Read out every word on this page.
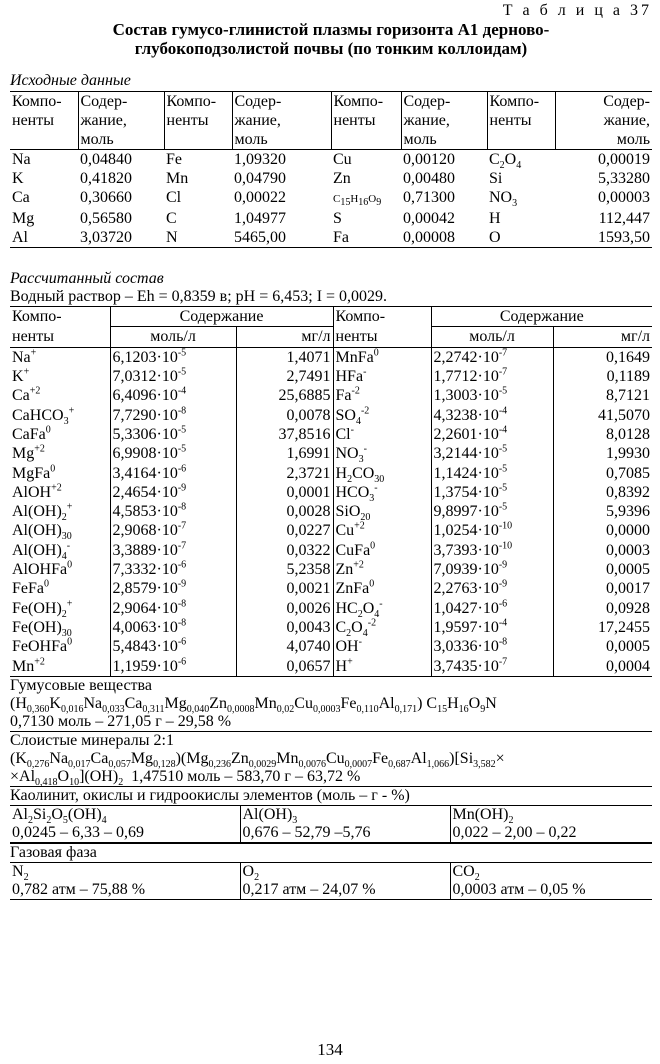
Т а б л и ц а 37
Состав гумусо-глинистой плазмы горизонта А1 дерново-
глубокоподзолистой почвы (по тонким коллоидам)
Исходные данные
Компо-	Содер-	Компо-	Содер-	Компо-	Содер-	Компо-	Содер-
ненты	жание,	ненты	жание,	ненты	жание,	ненты	жание,
	моль		моль		моль		моль
Na	0,04840	Fe	1,09320	Cu	0,00120	$C_2O_4$	0,00019
K	0,41820	Mn	0,04790	Zn	0,00480	Si	5,33280
Ca	0,30660	Cl	0,00022	$C_{15}H_{16}O_9$	0,71300	$NO_3$	0,00003
Mg	0,56580	C	1,04977	S	0,00042	H	112,447
Al	3,03720	N	5465,00	Fa	0,00008	O	1593,50
Рассчитанный состав
Водный раствор – Eh = 0,8359 в; pH = 6,453; I = 0,0029.
Компо-	Содержание		Компо-	Содержание	
ненты	моль/л	мг/л	ненты	моль/л	мг/л
Na+	$6,1203\cdot 10^{-5}$	1,4071	MnFa$^0$	$2,2742\cdot 10^{-7}$	0,1649
K+	$7,0312\cdot 10^{-5}$	2,7491	HFa-	$1,7712\cdot 10^{-7}$	0,1189
$Ca^{+2}$	$6,4096\cdot 10^{-4}$	25,6885	$Fa^{-2}$	$1,3003\cdot 10^{-5}$	8,7121
CaHCO$_3$+	$7,7290\cdot 10^{-8}$	0,0078	$SO_4^{-2}$	$4,3238\cdot 10^{-4}$	41,5070
CaFa$^0$	$5,3306\cdot 10^{-5}$	37,8516	Cl-	$2,2601\cdot 10^{-4}$	8,0128
$Mg^{+2}$	$6,9908\cdot 10^{-5}$	1,6991	$NO_3^-$	$3,2144\cdot 10^{-5}$	1,9930
MgFa$^0$	$3,4164\cdot 10^{-6}$	2,3721	$H_2CO_{30}$	$1,1424\cdot 10^{-5}$	0,7085
AlOH$^{+2}$	$2,4654\cdot 10^{-9}$	0,0001	$HCO_3^-$	$1,3754\cdot 10^{-5}$	0,8392
$Al(OH)_2^+$	$4,5853\cdot 10^{-8}$	0,0028	SiO$_{20}$	$9,8997\cdot 10^{-5}$	5,9396
$Al(OH)_{30}$	$2,9068\cdot 10^{-7}$	0,0227	$Cu^{+2}$	$1,0254\cdot 10^{-10}$	0,0000
$Al(OH)_4^-$	$3,3889\cdot 10^{-7}$	0,0322	CuFa$^0$	$3,7393\cdot 10^{-10}$	0,0003
AlOHFa$^0$	$7,3332\cdot 10^{-6}$	5,2358	$Zn^{+2}$	$7,0939\cdot 10^{-9}$	0,0005
FeFa$^0$	$2,8579\cdot 10^{-9}$	0,0021	ZnFa$^0$	$2,2763\cdot 10^{-9}$	0,0017
$Fe(OH)_2^+$	$2,9064\cdot 10^{-8}$	0,0026	$HC_2O_4^-$	$1,0427\cdot 10^{-6}$	0,0928
$Fe(OH)_{30}$	$4,0063\cdot 10^{-8}$	0,0043	$C_2O_4^{-2}$	$1,9597\cdot 10^{-4}$	17,2455
FeOHFa$^0$	$5,4843\cdot 10^{-6}$	4,0740	OH-	$3,0336\cdot 10^{-8}$	0,0005
$Mn^{+2}$	$1,1959\cdot 10^{-6}$	0,0657	H+	$3,7435\cdot 10^{-7}$	0,0004
Гумусовые вещества
$(H_{0,360}K_{0,016}Na_{0,033}Ca_{0,311}Mg_{0,040}Zn_{0,0008}Mn_{0,02}Cu_{0,0003}Fe_{0,110}Al_{0,171})$ $C_{15}H_{16}O_9N$
0,7130 моль – 271,05 г – 29,58 %
Слоистые минералы 2:1
$(K_{0,276}Na_{0,017}Ca_{0,057}Mg_{0,128})(Mg_{0,236}Zn_{0,0029}Mn_{0,0076}Cu_{0,0007}Fe_{0,687}Al_{1,066})[Si_{3,582}\times$
$\times Al_{0,418}O_{10}](OH)_2$ 1,47510 моль – 583,70 г – 63,72 %
Каолинит, окислы и гидроокислы элементов (моль – г - %)
$Al_2Si_2O_5(OH)_4$	$Al(OH)_3$	$Mn(OH)_2$
0,0245 – 6,33 – 0,69	0,676 – 52,79 –5,76	0,022 – 2,00 – 0,22
Газовая фаза
$N_2$	$O_2$	$CO_2$
0,782 атм – 75,88 %	0,217 атм – 24,07 %	0,0003 атм – 0,05 %
134
